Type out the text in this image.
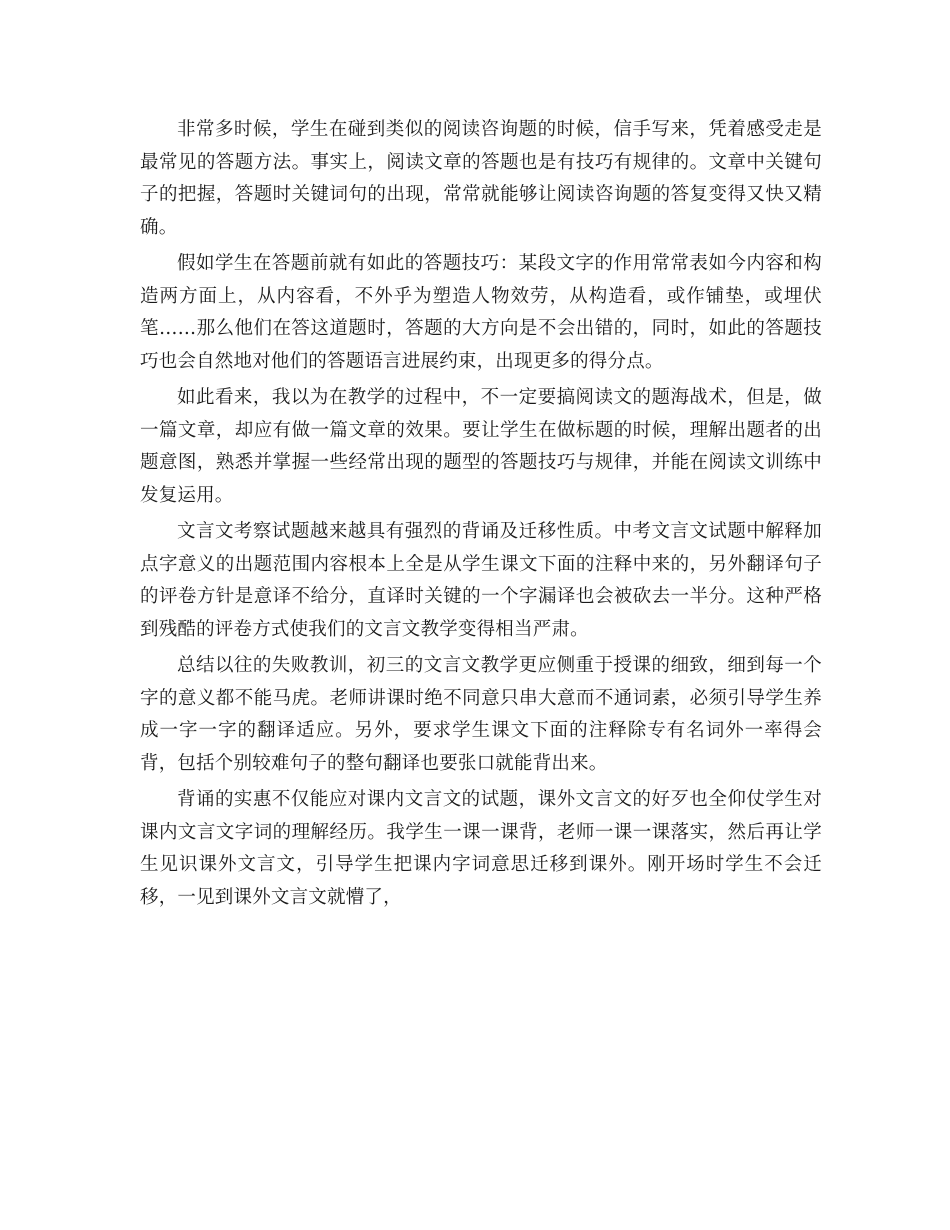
非常多时候，学生在碰到类似的阅读咨询题的时候，信手写来，凭着感受走是最常见的答题方法。事实上，阅读文章的答题也是有技巧有规律的。文章中关键句子的把握，答题时关键词句的出现，常常就能够让阅读咨询题的答复变得又快又精确。

假如学生在答题前就有如此的答题技巧：某段文字的作用常常表如今内容和构造两方面上，从内容看，不外乎为塑造人物效劳，从构造看，或作铺垫，或埋伏笔……那么他们在答这道题时，答题的大方向是不会出错的，同时，如此的答题技巧也会自然地对他们的答题语言进展约束，出现更多的得分点。

如此看来，我以为在教学的过程中，不一定要搞阅读文的题海战术，但是，做一篇文章，却应有做一篇文章的效果。要让学生在做标题的时候，理解出题者的出题意图，熟悉并掌握一些经常出现的题型的答题技巧与规律，并能在阅读文训练中发复运用。

文言文考察试题越来越具有强烈的背诵及迁移性质。中考文言文试题中解释加点字意义的出题范围内容根本上全是从学生课文下面的注释中来的，另外翻译句子的评卷方针是意译不给分，直译时关键的一个字漏译也会被砍去一半分。这种严格到残酷的评卷方式使我们的文言文教学变得相当严肃。

总结以往的失败教训，初三的文言文教学更应侧重于授课的细致，细到每一个字的意义都不能马虎。老师讲课时绝不同意只串大意而不通词素，必须引导学生养成一字一字的翻译适应。另外，要求学生课文下面的注释除专有名词外一率得会背，包括个别较难句子的整句翻译也要张口就能背出来。

背诵的实惠不仅能应对课内文言文的试题，课外文言文的好歹也全仰仗学生对课内文言文字词的理解经历。我学生一课一课背，老师一课一课落实，然后再让学生见识课外文言文，引导学生把课内字词意思迁移到课外。刚开场时学生不会迁移，一见到课外文言文就懵了，
